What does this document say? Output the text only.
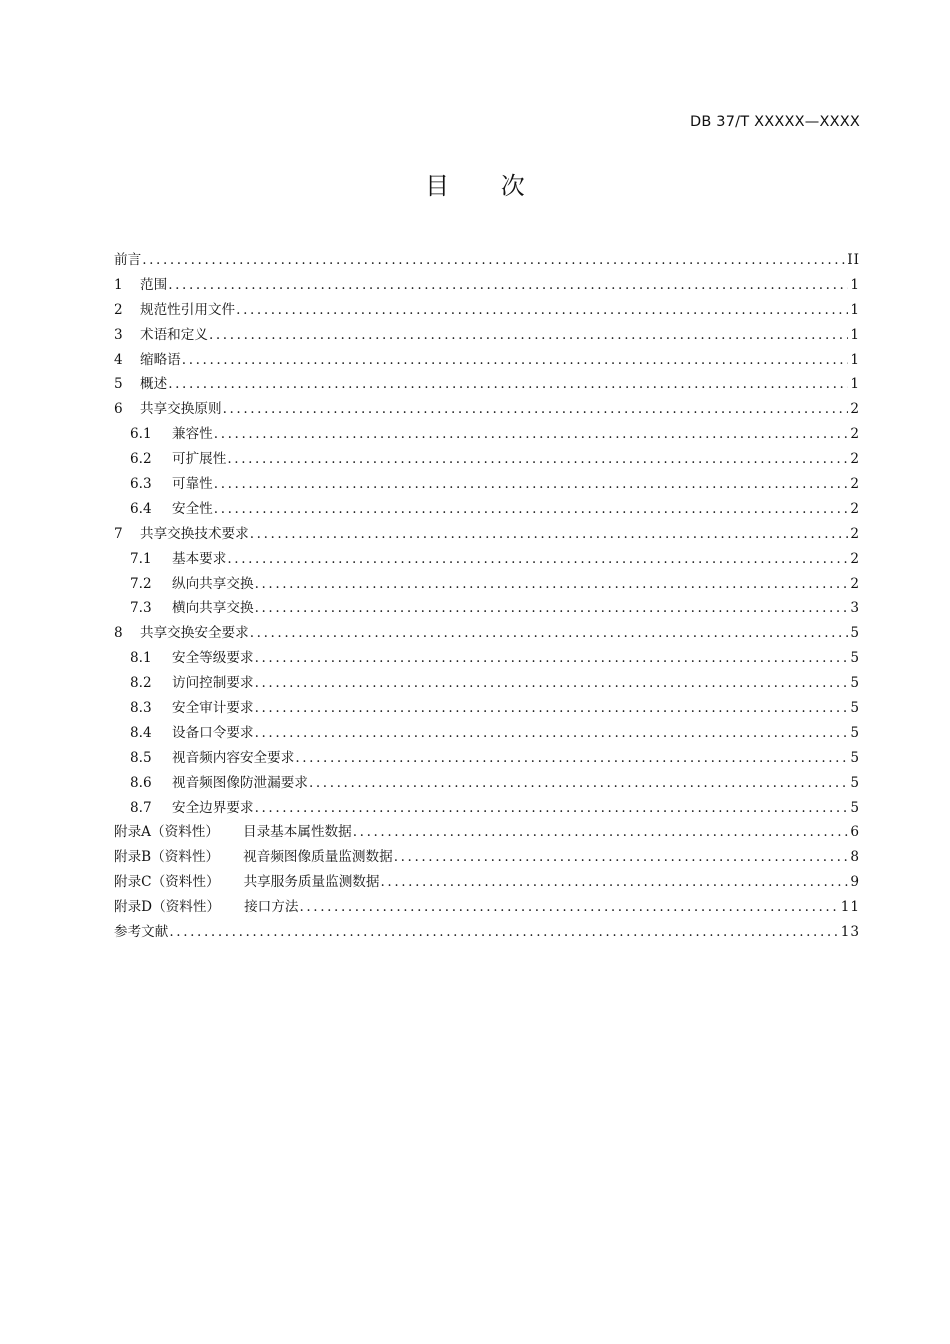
DB 37/T XXXXX—XXXX
目 次
前言 .....	II
1	范围 .....	1
2	规范性引用文件 .....	1
3	术语和定义 .....	1
4	缩略语 .....	1
5	概述 .....	1
6	共享交换原则 .....	2
6.1	兼容性 .....	2
6.2	可扩展性 .....	2
6.3	可靠性 .....	2
6.4	安全性 .....	2
7	共享交换技术要求 .....	2
7.1	基本要求 .....	2
7.2	纵向共享交换 .....	2
7.3	横向共享交换 .....	3
8	共享交换安全要求 .....	5
8.1	安全等级要求 .....	5
8.2	访问控制要求 .....	5
8.3	安全审计要求 .....	5
8.4	设备口令要求 .....	5
8.5	视音频内容安全要求 .....	5
8.6	视音频图像防泄漏要求 .....	5
8.7	安全边界要求 .....	5
附录A（资料性） 目录基本属性数据 .....	6
附录B（资料性） 视音频图像质量监测数据 .....	8
附录C（资料性） 共享服务质量监测数据 .....	9
附录D（资料性） 接口方法 .....	11
参考文献 .....	13
